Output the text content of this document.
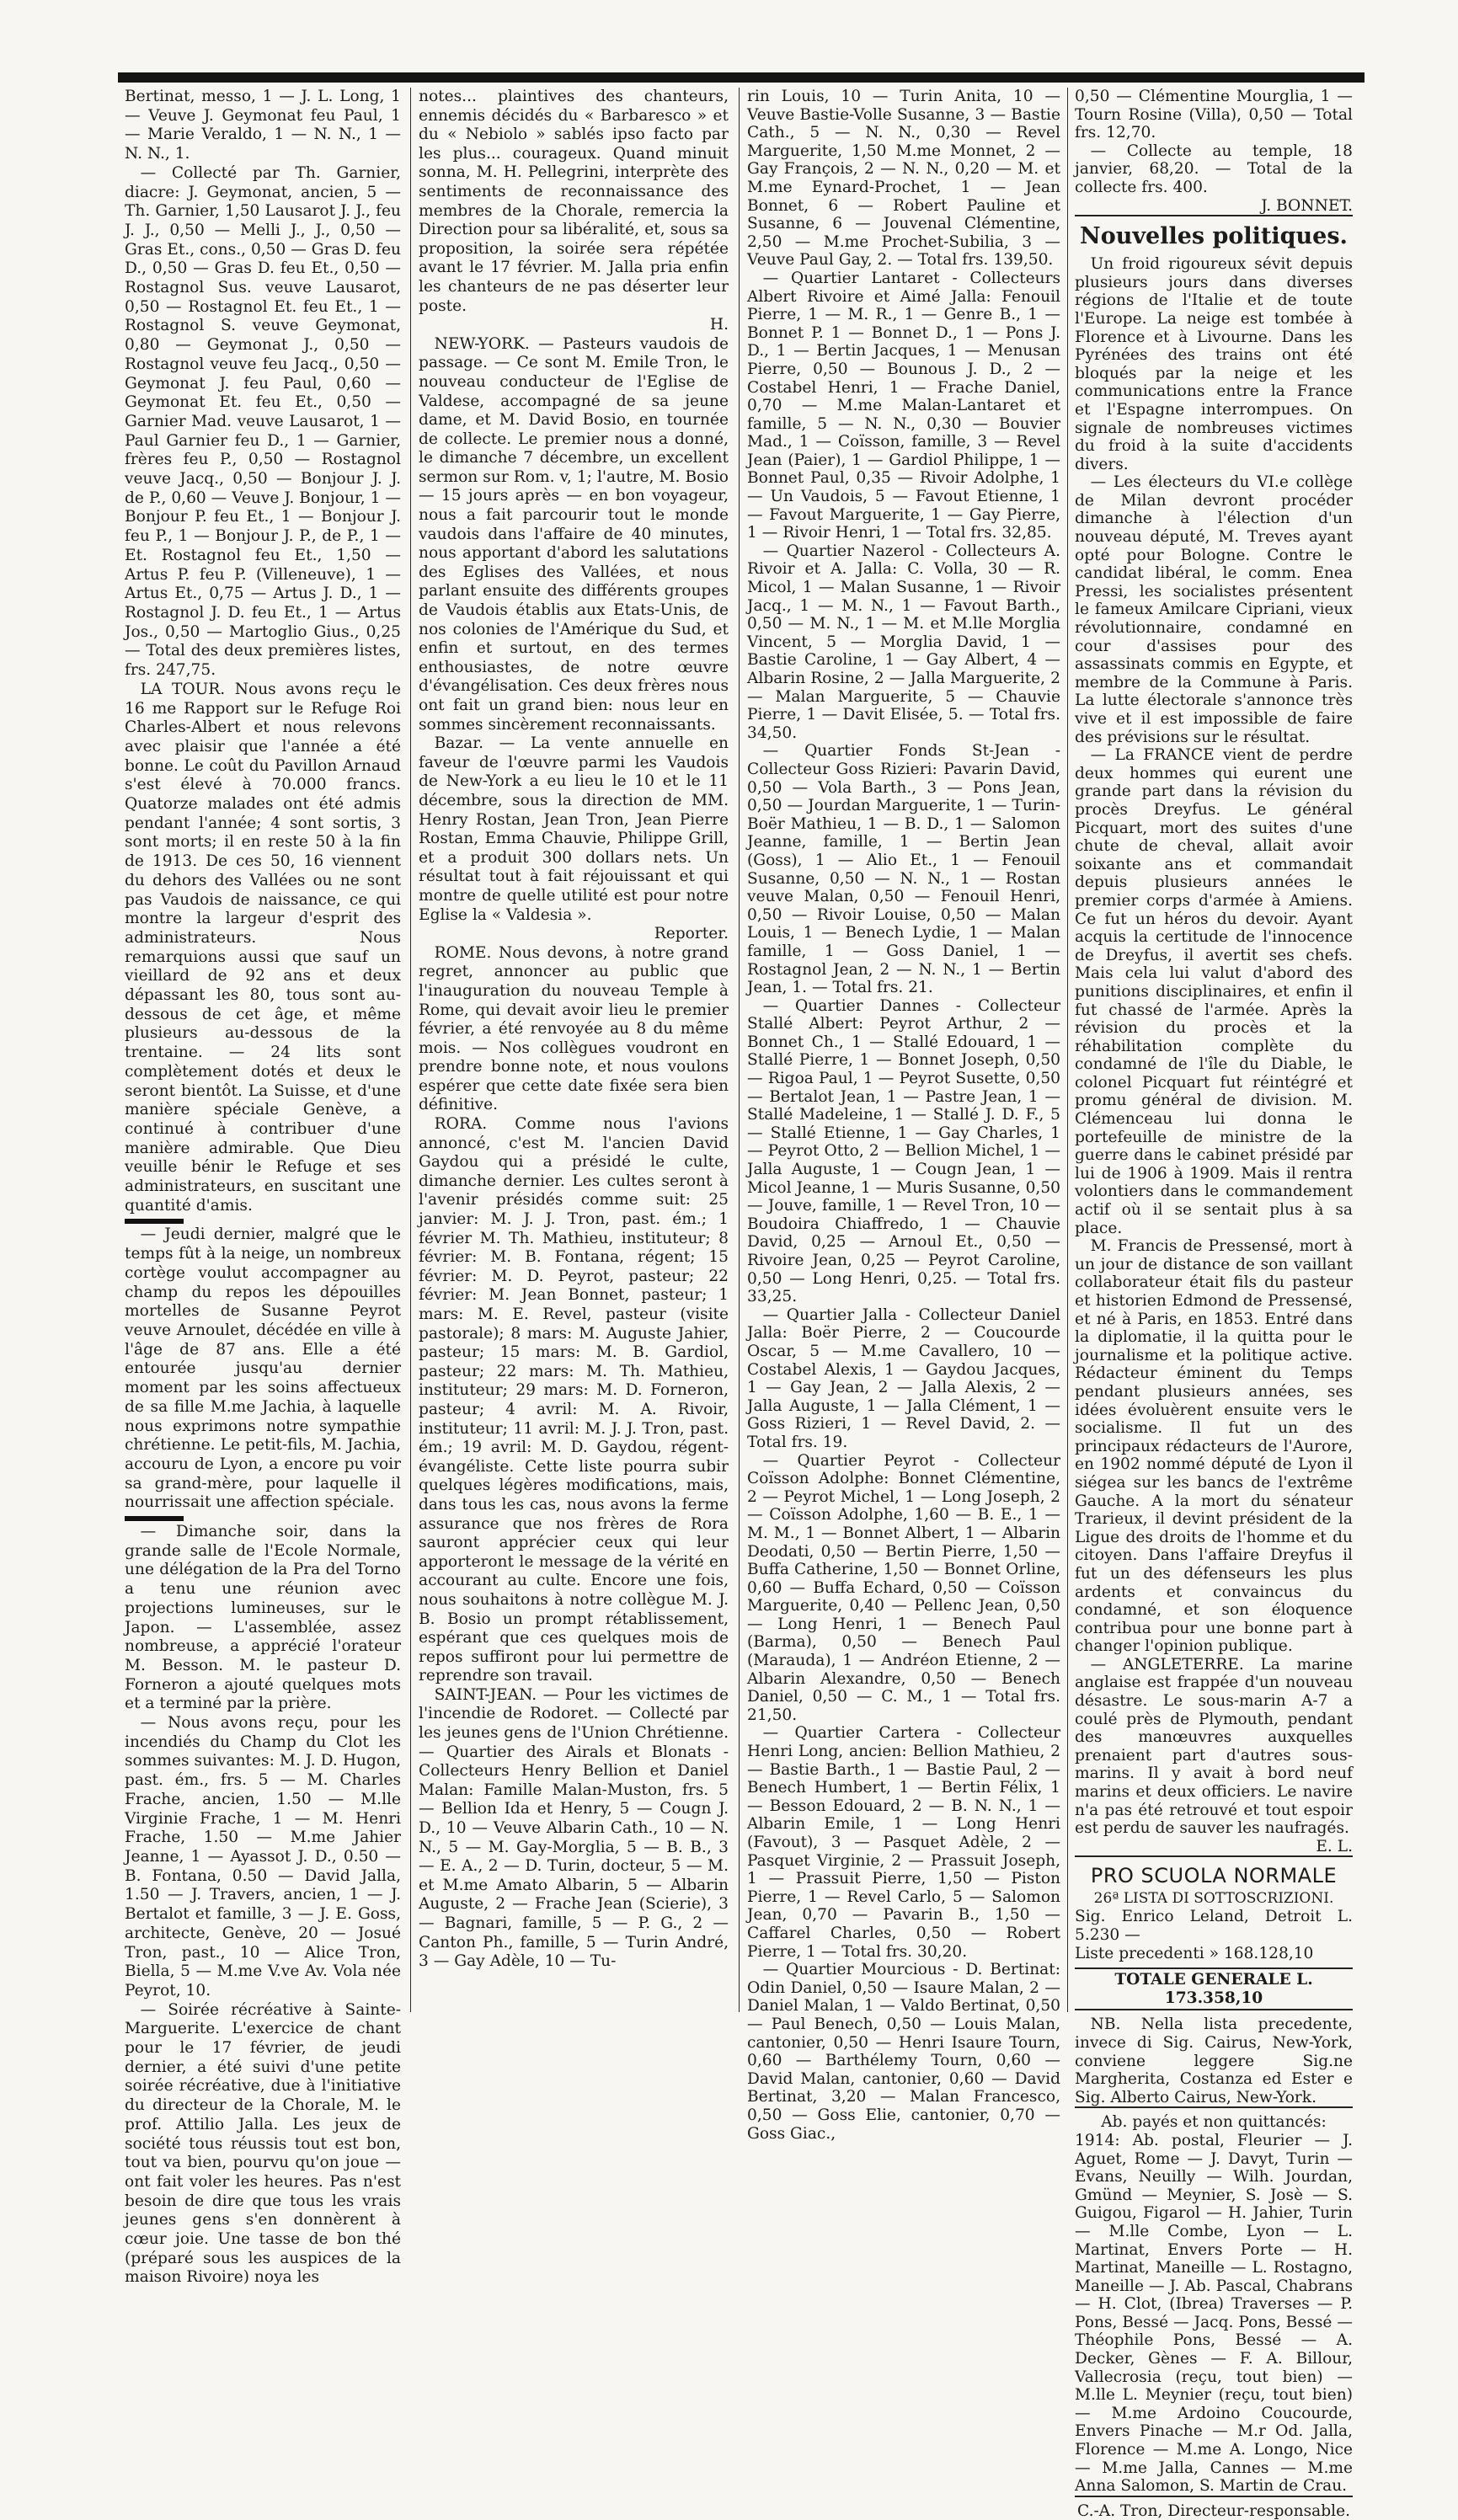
Bertinat, messo, 1 — J. L. Long, 1 — Veuve J. Geymonat feu Paul, 1 — Marie Veraldo, 1 — N. N., 1 — N. N., 1.

— Collecté par Th. Garnier, diacre: J. Geymonat, ancien, 5 — Th. Garnier, 1,50 Lausarot J. J., feu J. J., 0,50 — Melli J., J., 0,50 — Gras Et., cons., 0,50 — Gras D. feu D., 0,50 — Gras D. feu Et., 0,50 — Rostagnol Sus. veuve Lausarot, 0,50 — Rostagnol Et. feu Et., 1 — Rostagnol S. veuve Geymonat, 0,80 — Geymonat J., 0,50 — Rostagnol veuve feu Jacq., 0,50 — Geymonat J. feu Paul, 0,60 — Geymonat Et. feu Et., 0,50 — Garnier Mad. veuve Lausarot, 1 — Paul Garnier feu D., 1 — Garnier, frères feu P., 0,50 — Rostagnol veuve Jacq., 0,50 — Bonjour J. J. de P., 0,60 — Veuve J. Bonjour, 1 — Bonjour P. feu Et., 1 — Bonjour J. feu P., 1 — Bonjour J. P., de P., 1 — Et. Rostagnol feu Et., 1,50 — Artus P. feu P. (Villeneuve), 1 — Artus Et., 0,75 — Artus J. D., 1 — Rostagnol J. D. feu Et., 1 — Artus Jos., 0,50 — Martoglio Gius., 0,25 — Total des deux premières listes, frs. 247,75.

LA TOUR. Nous avons reçu le 16 me Rapport sur le Refuge Roi Charles-Albert et nous relevons avec plaisir que l'année a été bonne. Le coût du Pavillon Arnaud s'est élevé à 70.000 francs. Quatorze malades ont été admis pendant l'année; 4 sont sortis, 3 sont morts; il en reste 50 à la fin de 1913. De ces 50, 16 viennent du dehors des Vallées ou ne sont pas Vaudois de naissance, ce qui montre la largeur d'esprit des administrateurs. Nous remarquions aussi que sauf un vieillard de 92 ans et deux dépassant les 80, tous sont au-dessous de cet âge, et même plusieurs au-dessous de la trentaine. — 24 lits sont complètement dotés et deux le seront bientôt. La Suisse, et d'une manière spéciale Genève, a continué à contribuer d'une manière admirable. Que Dieu veuille bénir le Refuge et ses administrateurs, en suscitant une quantité d'amis.

— Jeudi dernier, malgré que le temps fût à la neige, un nombreux cortège voulut accompagner au champ du repos les dépouilles mortelles de Susanne Peyrot veuve Arnoulet, décédée en ville à l'âge de 87 ans. Elle a été entourée jusqu'au dernier moment par les soins affectueux de sa fille M.me Jachia, à laquelle nous exprimons notre sympathie chrétienne. Le petit-fils, M. Jachia, accouru de Lyon, a encore pu voir sa grand-mère, pour laquelle il nourrissait une affection spéciale.

— Dimanche soir, dans la grande salle de l'Ecole Normale, une délégation de la Pra del Torno a tenu une réunion avec projections lumineuses, sur le Japon. — L'assemblée, assez nombreuse, a apprécié l'orateur M. Besson. M. le pasteur D. Forneron a ajouté quelques mots et a terminé par la prière.

— Nous avons reçu, pour les incendiés du Champ du Clot les sommes suivantes: M. J. D. Hugon, past. ém., frs. 5 — M. Charles Frache, ancien, 1.50 — M.lle Virginie Frache, 1 — M. Henri Frache, 1.50 — M.me Jahier Jeanne, 1 — Ayassot J. D., 0.50 — B. Fontana, 0.50 — David Jalla, 1.50 — J. Travers, ancien, 1 — J. Bertalot et famille, 3 — J. E. Goss, architecte, Genève, 20 — Josué Tron, past., 10 — Alice Tron, Biella, 5 — M.me V.ve Av. Vola née Peyrot, 10.

— Soirée récréative à Sainte-Marguerite. L'exercice de chant pour le 17 février, de jeudi dernier, a été suivi d'une petite soirée récréative, due à l'initiative du directeur de la Chorale, M. le prof. Attilio Jalla. Les jeux de société tous réussis tout est bon, tout va bien, pourvu qu'on joue — ont fait voler les heures. Pas n'est besoin de dire que tous les vrais jeunes gens s'en donnèrent à cœur joie. Une tasse de bon thé (préparé sous les auspices de la maison Rivoire) noya les

notes... plaintives des chanteurs, ennemis décidés du « Barbaresco » et du « Nebiolo » sablés ipso facto par les plus... courageux. Quand minuit sonna, M. H. Pellegrini, interprète des sentiments de reconnaissance des membres de la Chorale, remercia la Direction pour sa libéralité, et, sous sa proposition, la soirée sera répétée avant le 17 février. M. Jalla pria enfin les chanteurs de ne pas déserter leur poste.

H.

NEW-YORK. — Pasteurs vaudois de passage. — Ce sont M. Emile Tron, le nouveau conducteur de l'Eglise de Valdese, accompagné de sa jeune dame, et M. David Bosio, en tournée de collecte. Le premier nous a donné, le dimanche 7 décembre, un excellent sermon sur Rom. v, 1; l'autre, M. Bosio — 15 jours après — en bon voyageur, nous a fait parcourir tout le monde vaudois dans l'affaire de 40 minutes, nous apportant d'abord les salutations des Eglises des Vallées, et nous parlant ensuite des différents groupes de Vaudois établis aux Etats-Unis, de nos colonies de l'Amérique du Sud, et enfin et surtout, en des termes enthousiastes, de notre œuvre d'évangélisation. Ces deux frères nous ont fait un grand bien: nous leur en sommes sincèrement reconnaissants.

Bazar. — La vente annuelle en faveur de l'œuvre parmi les Vaudois de New-York a eu lieu le 10 et le 11 décembre, sous la direction de MM. Henry Rostan, Jean Tron, Jean Pierre Rostan, Emma Chauvie, Philippe Grill, et a produit 300 dollars nets. Un résultat tout à fait réjouissant et qui montre de quelle utilité est pour notre Eglise la « Valdesia ».

Reporter.

ROME. Nous devons, à notre grand regret, annoncer au public que l'inauguration du nouveau Temple à Rome, qui devait avoir lieu le premier février, a été renvoyée au 8 du même mois. — Nos collègues voudront en prendre bonne note, et nous voulons espérer que cette date fixée sera bien définitive.

RORA. Comme nous l'avions annoncé, c'est M. l'ancien David Gaydou qui a présidé le culte, dimanche dernier. Les cultes seront à l'avenir présidés comme suit: 25 janvier: M. J. J. Tron, past. ém.; 1 février M. Th. Mathieu, instituteur; 8 février: M. B. Fontana, régent; 15 février: M. D. Peyrot, pasteur; 22 février: M. Jean Bonnet, pasteur; 1 mars: M. E. Revel, pasteur (visite pastorale); 8 mars: M. Auguste Jahier, pasteur; 15 mars: M. B. Gardiol, pasteur; 22 mars: M. Th. Mathieu, instituteur; 29 mars: M. D. Forneron, pasteur; 4 avril: M. A. Rivoir, instituteur; 11 avril: M. J. J. Tron, past. ém.; 19 avril: M. D. Gaydou, régent-évangéliste. Cette liste pourra subir quelques légères modifications, mais, dans tous les cas, nous avons la ferme assurance que nos frères de Rora sauront apprécier ceux qui leur apporteront le message de la vérité en accourant au culte. Encore une fois, nous souhaitons à notre collègue M. J. B. Bosio un prompt rétablissement, espérant que ces quelques mois de repos suffiront pour lui permettre de reprendre son travail.

SAINT-JEAN. — Pour les victimes de l'incendie de Rodoret. — Collecté par les jeunes gens de l'Union Chrétienne. — Quartier des Airals et Blonats - Collecteurs Henry Bellion et Daniel Malan: Famille Malan-Muston, frs. 5 — Bellion Ida et Henry, 5 — Cougn J. D., 10 — Veuve Albarin Cath., 10 — N. N., 5 — M. Gay-Morglia, 5 — B. B., 3 — E. A., 2 — D. Turin, docteur, 5 — M. et M.me Amato Albarin, 5 — Albarin Auguste, 2 — Frache Jean (Scierie), 3 — Bagnari, famille, 5 — P. G., 2 — Canton Ph., famille, 5 — Turin André, 3 — Gay Adèle, 10 — Tu-

rin Louis, 10 — Turin Anita, 10 — Veuve Bastie-Volle Susanne, 3 — Bastie Cath., 5 — N. N., 0,30 — Revel Marguerite, 1,50 M.me Monnet, 2 — Gay François, 2 — N. N., 0,20 — M. et M.me Eynard-Prochet, 1 — Jean Bonnet, 6 — Robert Pauline et Susanne, 6 — Jouvenal Clémentine, 2,50 — M.me Prochet-Subilia, 3 — Veuve Paul Gay, 2. — Total frs. 139,50.

— Quartier Lantaret - Collecteurs Albert Rivoire et Aimé Jalla: Fenouil Pierre, 1 — M. R., 1 — Genre B., 1 — Bonnet P. 1 — Bonnet D., 1 — Pons J. D., 1 — Bertin Jacques, 1 — Menusan Pierre, 0,50 — Bounous J. D., 2 — Costabel Henri, 1 — Frache Daniel, 0,70 — M.me Malan-Lantaret et famille, 5 — N. N., 0,30 — Bouvier Mad., 1 — Coïsson, famille, 3 — Revel Jean (Paier), 1 — Gardiol Philippe, 1 — Bonnet Paul, 0,35 — Rivoir Adolphe, 1 — Un Vaudois, 5 — Favout Etienne, 1 — Favout Marguerite, 1 — Gay Pierre, 1 — Rivoir Henri, 1 — Total frs. 32,85.

— Quartier Nazerol - Collecteurs A. Rivoir et A. Jalla: C. Volla, 30 — R. Micol, 1 — Malan Susanne, 1 — Rivoir Jacq., 1 — M. N., 1 — Favout Barth., 0,50 — M. N., 1 — M. et M.lle Morglia Vincent, 5 — Morglia David, 1 — Bastie Caroline, 1 — Gay Albert, 4 — Albarin Rosine, 2 — Jalla Marguerite, 2 — Malan Marguerite, 5 — Chauvie Pierre, 1 — Davit Elisée, 5. — Total frs. 34,50.

— Quartier Fonds St-Jean - Collecteur Goss Rizieri: Pavarin David, 0,50 — Vola Barth., 3 — Pons Jean, 0,50 — Jourdan Marguerite, 1 — Turin-Boër Mathieu, 1 — B. D., 1 — Salomon Jeanne, famille, 1 — Bertin Jean (Goss), 1 — Alio Et., 1 — Fenouil Susanne, 0,50 — N. N., 1 — Rostan veuve Malan, 0,50 — Fenouil Henri, 0,50 — Rivoir Louise, 0,50 — Malan Louis, 1 — Benech Lydie, 1 — Malan famille, 1 — Goss Daniel, 1 — Rostagnol Jean, 2 — N. N., 1 — Bertin Jean, 1. — Total frs. 21.

— Quartier Dannes - Collecteur Stallé Albert: Peyrot Arthur, 2 — Bonnet Ch., 1 — Stallé Edouard, 1 — Stallé Pierre, 1 — Bonnet Joseph, 0,50 — Rigoa Paul, 1 — Peyrot Susette, 0,50 — Bertalot Jean, 1 — Pastre Jean, 1 — Stallé Madeleine, 1 — Stallé J. D. F., 5 — Stallé Etienne, 1 — Gay Charles, 1 — Peyrot Otto, 2 — Bellion Michel, 1 — Jalla Auguste, 1 — Cougn Jean, 1 — Micol Jeanne, 1 — Muris Susanne, 0,50 — Jouve, famille, 1 — Revel Tron, 10 — Boudoira Chiaffredo, 1 — Chauvie David, 0,25 — Arnoul Et., 0,50 — Rivoire Jean, 0,25 — Peyrot Caroline, 0,50 — Long Henri, 0,25. — Total frs. 33,25.

— Quartier Jalla - Collecteur Daniel Jalla: Boër Pierre, 2 — Coucourde Oscar, 5 — M.me Cavallero, 10 — Costabel Alexis, 1 — Gaydou Jacques, 1 — Gay Jean, 2 — Jalla Alexis, 2 — Jalla Auguste, 1 — Jalla Clément, 1 — Goss Rizieri, 1 — Revel David, 2. — Total frs. 19.

— Quartier Peyrot - Collecteur Coïsson Adolphe: Bonnet Clémentine, 2 — Peyrot Michel, 1 — Long Joseph, 2 — Coïsson Adolphe, 1,60 — B. E., 1 — M. M., 1 — Bonnet Albert, 1 — Albarin Deodati, 0,50 — Bertin Pierre, 1,50 — Buffa Catherine, 1,50 — Bonnet Orline, 0,60 — Buffa Echard, 0,50 — Coïsson Marguerite, 0,40 — Pellenc Jean, 0,50 — Long Henri, 1 — Benech Paul (Barma), 0,50 — Benech Paul (Marauda), 1 — Andréon Etienne, 2 — Albarin Alexandre, 0,50 — Benech Daniel, 0,50 — C. M., 1 — Total frs. 21,50.

— Quartier Cartera - Collecteur Henri Long, ancien: Bellion Mathieu, 2 — Bastie Barth., 1 — Bastie Paul, 2 — Benech Humbert, 1 — Bertin Félix, 1 — Besson Edouard, 2 — B. N. N., 1 — Albarin Emile, 1 — Long Henri (Favout), 3 — Pasquet Adèle, 2 — Pasquet Virginie, 2 — Prassuit Joseph, 1 — Prassuit Pierre, 1,50 — Piston Pierre, 1 — Revel Carlo, 5 — Salomon Jean, 0,70 — Pavarin B., 1,50 — Caffarel Charles, 0,50 — Robert Pierre, 1 — Total frs. 30,20.

— Quartier Mourcious - D. Bertinat: Odin Daniel, 0,50 — Isaure Malan, 2 — Daniel Malan, 1 — Valdo Bertinat, 0,50 — Paul Benech, 0,50 — Louis Malan, cantonier, 0,50 — Henri Isaure Tourn, 0,60 — Barthélemy Tourn, 0,60 — David Malan, cantonier, 0,60 — David Bertinat, 3,20 — Malan Francesco, 0,50 — Goss Elie, cantonier, 0,70 — Goss Giac.,

0,50 — Clémentine Mourglia, 1 — Tourn Rosine (Villa), 0,50 — Total frs. 12,70.

— Collecte au temple, 18 janvier, 68,20. — Total de la collecte frs. 400.

J. BONNET.

Nouvelles politiques.

Un froid rigoureux sévit depuis plusieurs jours dans diverses régions de l'Italie et de toute l'Europe. La neige est tombée à Florence et à Livourne. Dans les Pyrénées des trains ont été bloqués par la neige et les communications entre la France et l'Espagne interrompues. On signale de nombreuses victimes du froid à la suite d'accidents divers.

— Les électeurs du VI.e collège de Milan devront procéder dimanche à l'élection d'un nouveau député, M. Treves ayant opté pour Bologne. Contre le candidat libéral, le comm. Enea Pressi, les socialistes présentent le fameux Amilcare Cipriani, vieux révolutionnaire, condamné en cour d'assises pour des assassinats commis en Egypte, et membre de la Commune à Paris. La lutte électorale s'annonce très vive et il est impossible de faire des prévisions sur le résultat.

— La FRANCE vient de perdre deux hommes qui eurent une grande part dans la révision du procès Dreyfus. Le général Picquart, mort des suites d'une chute de cheval, allait avoir soixante ans et commandait depuis plusieurs années le premier corps d'armée à Amiens. Ce fut un héros du devoir. Ayant acquis la certitude de l'innocence de Dreyfus, il avertit ses chefs. Mais cela lui valut d'abord des punitions disciplinaires, et enfin il fut chassé de l'armée. Après la révision du procès et la réhabilitation complète du condamné de l'île du Diable, le colonel Picquart fut réintégré et promu général de division. M. Clémenceau lui donna le portefeuille de ministre de la guerre dans le cabinet présidé par lui de 1906 à 1909. Mais il rentra volontiers dans le commandement actif où il se sentait plus à sa place.

M. Francis de Pressensé, mort à un jour de distance de son vaillant collaborateur était fils du pasteur et historien Edmond de Pressensé, et né à Paris, en 1853. Entré dans la diplomatie, il la quitta pour le journalisme et la politique active. Rédacteur éminent du Temps pendant plusieurs années, ses idées évoluèrent ensuite vers le socialisme. Il fut un des principaux rédacteurs de l'Aurore, en 1902 nommé député de Lyon il siégea sur les bancs de l'extrême Gauche. A la mort du sénateur Trarieux, il devint président de la Ligue des droits de l'homme et du citoyen. Dans l'affaire Dreyfus il fut un des défenseurs les plus ardents et convaincus du condamné, et son éloquence contribua pour une bonne part à changer l'opinion publique.

— ANGLETERRE. La marine anglaise est frappée d'un nouveau désastre. Le sous-marin A-7 a coulé près de Plymouth, pendant des manœuvres auxquelles prenaient part d'autres sous-marins. Il y avait à bord neuf marins et deux officiers. Le navire n'a pas été retrouvé et tout espoir est perdu de sauver les naufragés.

E. L.

PRO SCUOLA NORMALE
26ª LISTA DI SOTTOSCRIZIONI.

Sig. Enrico Leland, Detroit L. 5.230 —

Liste precedenti » 168.128,10

TOTALE GENERALE L. 173.358,10

NB. Nella lista precedente, invece di Sig. Cairus, New-York, conviene leggere Sig.ne Margherita, Costanza ed Ester e Sig. Alberto Cairus, New-York.

Ab. payés et non quittancés:

1914: Ab. postal, Fleurier — J. Aguet, Rome — J. Davyt, Turin — Evans, Neuilly — Wilh. Jourdan, Gmünd — Meynier, S. Josè — S. Guigou, Figarol — H. Jahier, Turin — M.lle Combe, Lyon — L. Martinat, Envers Porte — H. Martinat, Maneille — L. Rostagno, Maneille — J. Ab. Pascal, Chabrans — H. Clot, (Ibrea) Traverses — P. Pons, Bessé — Jacq. Pons, Bessé — Théophile Pons, Bessé — A. Decker, Gènes — F. A. Billour, Vallecrosia (reçu, tout bien) — M.lle L. Meynier (reçu, tout bien) — M.me Ardoino Coucourde, Envers Pinache — M.r Od. Jalla, Florence — M.me A. Longo, Nice — M.me Jalla, Cannes — M.me Anna Salomon, S. Martin de Crau.

C.-A. Tron, Directeur-responsable.
